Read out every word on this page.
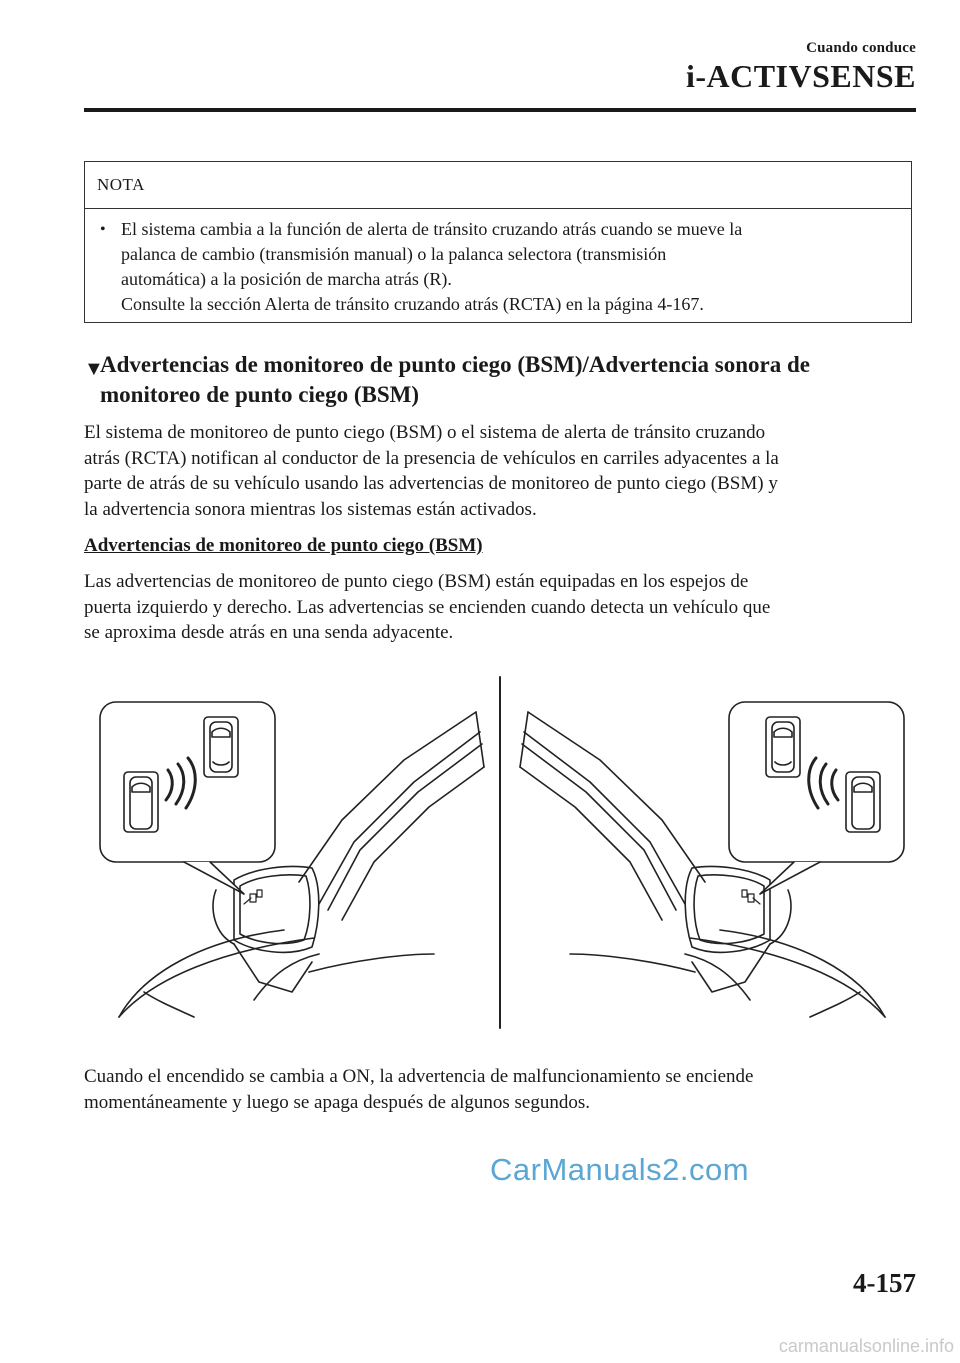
Cuando conduce
i-ACTIVSENSE
NOTA
• El sistema cambia a la función de alerta de tránsito cruzando atrás cuando se mueve la

palanca de cambio (transmisión manual) o la palanca selectora (transmisión

automática) a la posición de marcha atrás (R).

Consulte la sección Alerta de tránsito cruzando atrás (RCTA) en la página 4-167.

▼
Advertencias de monitoreo de punto ciego (BSM)/Advertencia sonora de
monitoreo de punto ciego (BSM)
El sistema de monitoreo de punto ciego (BSM) o el sistema de alerta de tránsito cruzando
atrás (RCTA) notifican al conductor de la presencia de vehículos en carriles adyacentes a la
parte de atrás de su vehículo usando las advertencias de monitoreo de punto ciego (BSM) y
la advertencia sonora mientras los sistemas están activados.

Advertencias de monitoreo de punto ciego (BSM)

Las advertencias de monitoreo de punto ciego (BSM) están equipadas en los espejos de
puerta izquierdo y derecho. Las advertencias se encienden cuando detecta un vehículo que
se aproxima desde atrás en una senda adyacente.
Cuando el encendido se cambia a ON, la advertencia de malfuncionamiento se enciende
momentáneamente y luego se apaga después de algunos segundos.
CarManuals2.com
4-157
carmanualsonline.info
